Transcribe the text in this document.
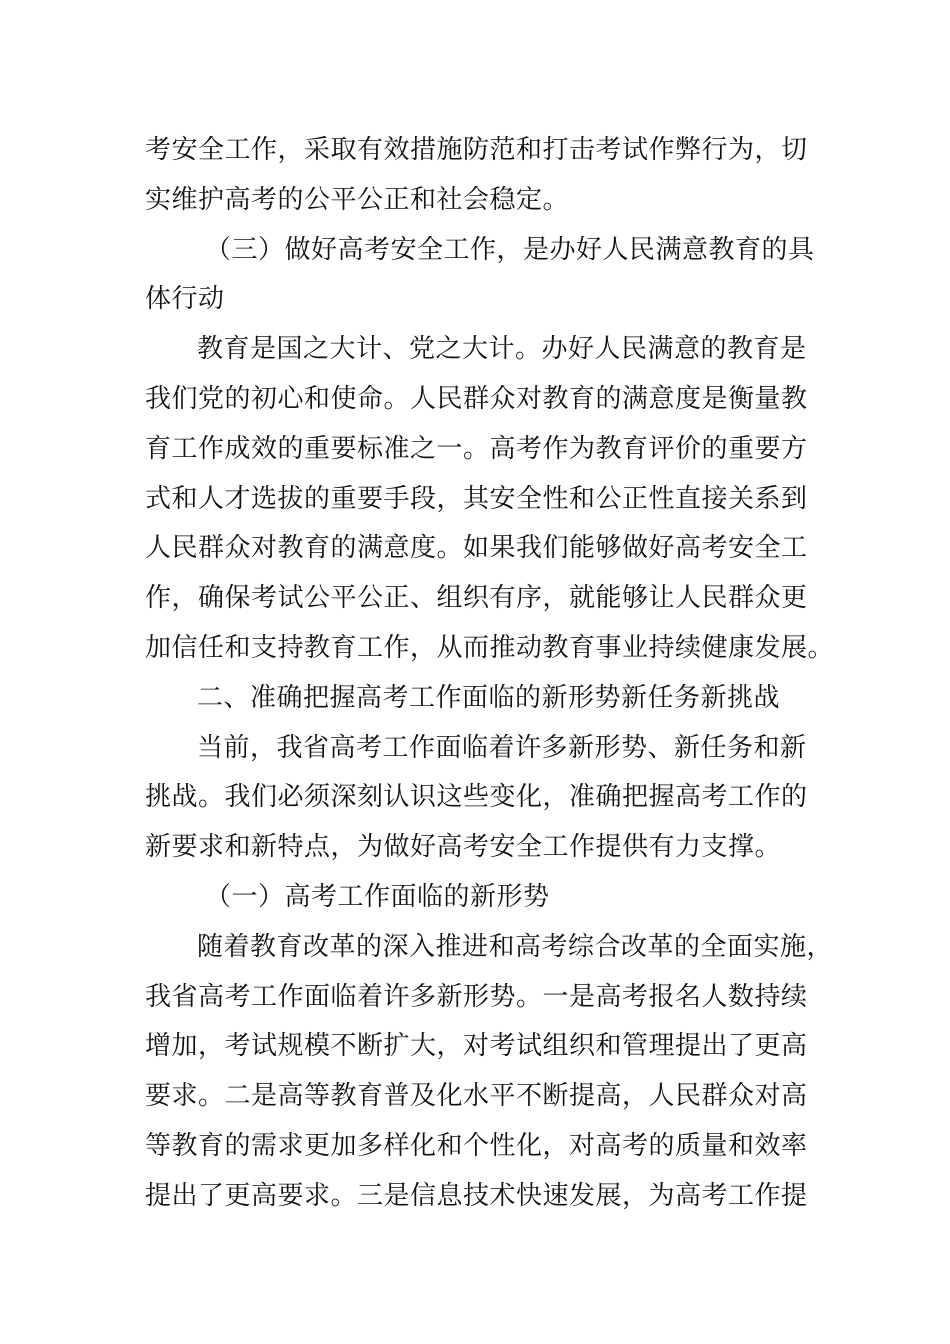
考安全工作，采取有效措施防范和打击考试作弊行为，切
实维护高考的公平公正和社会稳定。
（三）做好高考安全工作，是办好人民满意教育的具
体行动
教育是国之大计、党之大计。办好人民满意的教育是
我们党的初心和使命。人民群众对教育的满意度是衡量教
育工作成效的重要标准之一。高考作为教育评价的重要方
式和人才选拔的重要手段，其安全性和公正性直接关系到
人民群众对教育的满意度。如果我们能够做好高考安全工
作，确保考试公平公正、组织有序，就能够让人民群众更
加信任和支持教育工作，从而推动教育事业持续健康发展。
二、准确把握高考工作面临的新形势新任务新挑战
当前，我省高考工作面临着许多新形势、新任务和新
挑战。我们必须深刻认识这些变化，准确把握高考工作的
新要求和新特点，为做好高考安全工作提供有力支撑。
（一）高考工作面临的新形势
随着教育改革的深入推进和高考综合改革的全面实施，
我省高考工作面临着许多新形势。一是高考报名人数持续
增加，考试规模不断扩大，对考试组织和管理提出了更高
要求。二是高等教育普及化水平不断提高，人民群众对高
等教育的需求更加多样化和个性化，对高考的质量和效率
提出了更高要求。三是信息技术快速发展，为高考工作提
